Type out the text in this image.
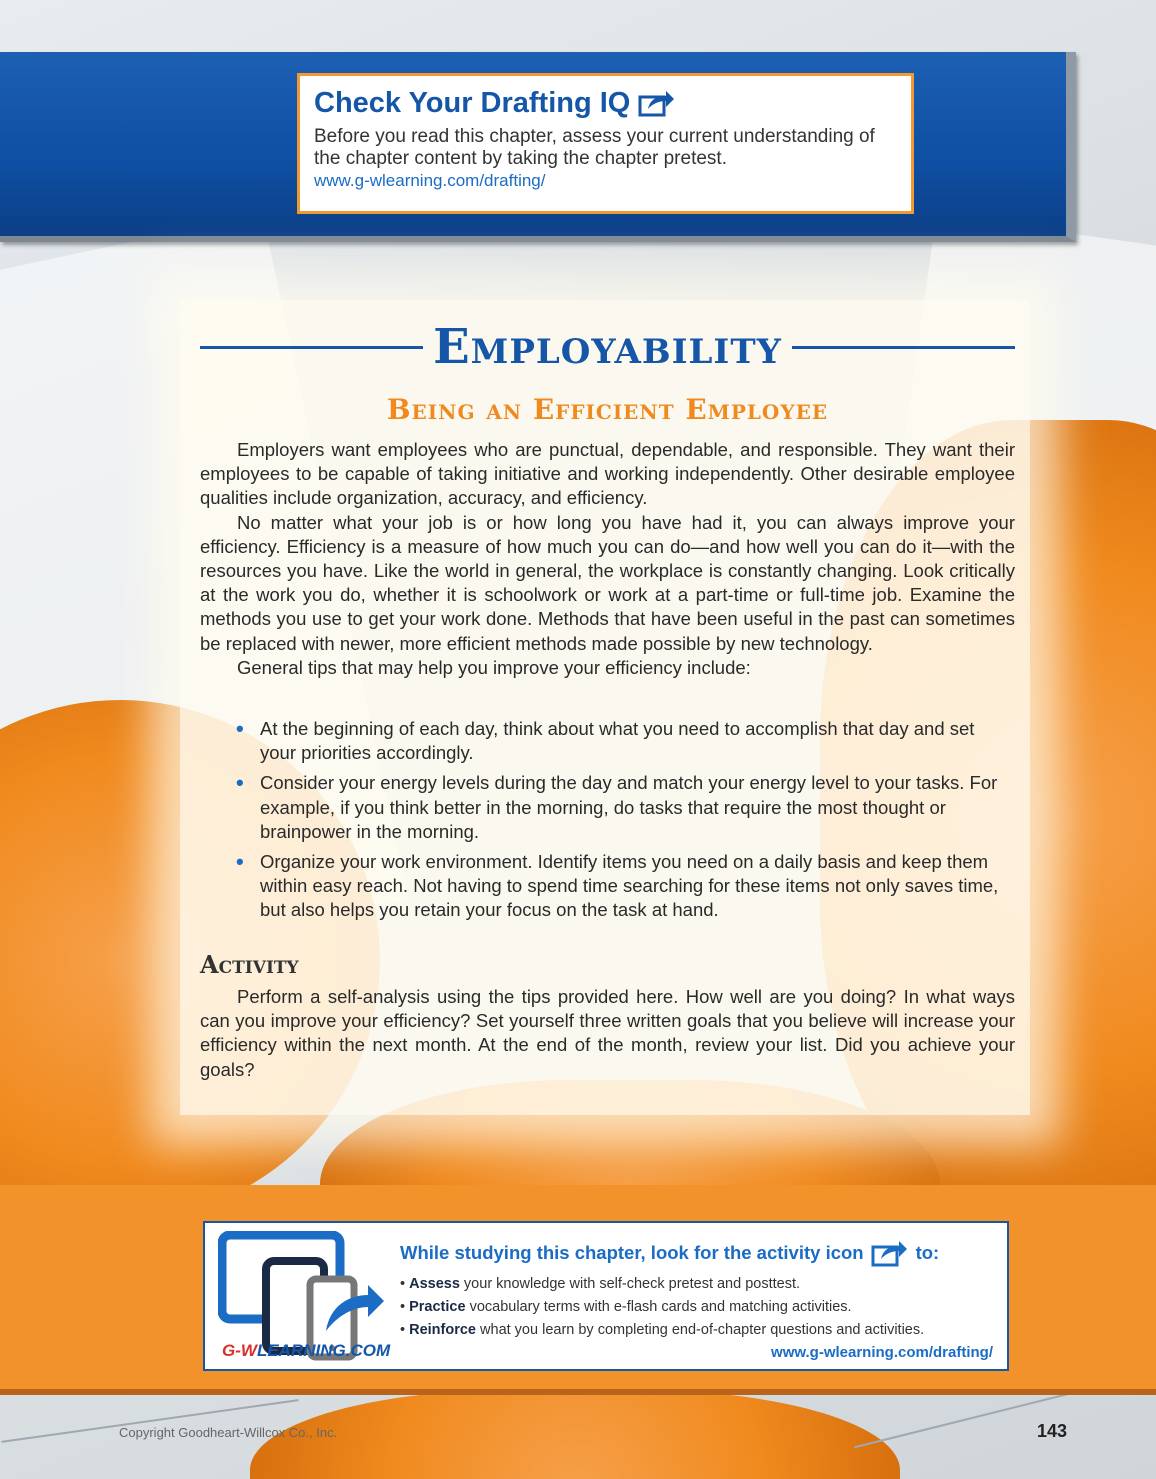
Check Your Drafting IQ
Before you read this chapter, assess your current understanding of the chapter content by taking the chapter pretest.
www.g-wlearning.com/drafting/
Employability
Being an Efficient Employee

Employers want employees who are punctual, dependable, and responsible. They want their employees to be capable of taking initiative and working independently. Other desirable employee qualities include organization, accuracy, and efficiency.

No matter what your job is or how long you have had it, you can always improve your efficiency. Efficiency is a measure of how much you can do—and how well you can do it—with the resources you have. Like the world in general, the workplace is constantly changing. Look critically at the work you do, whether it is schoolwork or work at a part-time or full-time job. Examine the methods you use to get your work done. Methods that have been useful in the past can sometimes be replaced with newer, more efficient methods made possible by new technology.

General tips that may help you improve your efficiency include:

• At the beginning of each day, think about what you need to accomplish that day and set your priorities accordingly.
• Consider your energy levels during the day and match your energy level to your tasks. For example, if you think better in the morning, do tasks that require the most thought or brainpower in the morning.
• Organize your work environment. Identify items you need on a daily basis and keep them within easy reach. Not having to spend time searching for these items not only saves time, but also helps you retain your focus on the task at hand.
Activity

Perform a self-analysis using the tips provided here. How well are you doing? In what ways can you improve your efficiency? Set yourself three written goals that you believe will increase your efficiency within the next month. At the end of the month, review your list. Did you achieve your goals?

While studying this chapter, look for the activity icon	to:
• Assess your knowledge with self-check pretest and posttest.
• Practice vocabulary terms with e-flash cards and matching activities.
• Reinforce what you learn by completing end-of-chapter questions and activities.
www.g-wlearning.com/drafting/
G-WLEARNING.COM
Copyright Goodheart-Willcox Co., Inc.	143
